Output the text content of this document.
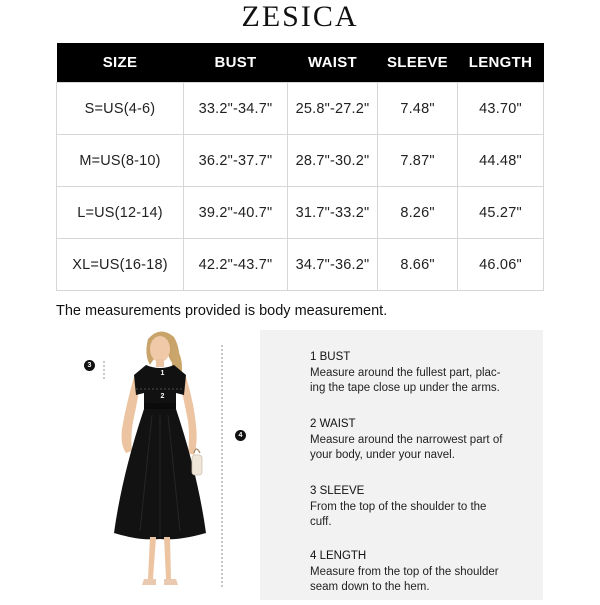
ZESICA
SIZE	BUST	WAIST	SLEEVE	LENGTH
S=US(4-6)	33.2"-34.7"	25.8"-27.2"	7.48"	43.70"
M=US(8-10)	36.2"-37.7"	28.7"-30.2"	7.87"	44.48"
L=US(12-14)	39.2"-40.7"	31.7"-33.2"	8.26"	45.27"
XL=US(16-18)	42.2"-43.7"	34.7"-36.2"	8.66"	46.06"
The measurements provided is body measurement.
1
2
3
4
1 BUST
Measure around the fullest part, plac-
ing the tape close up under the arms.
2 WAIST
Measure around the narrowest part of
your body, under your navel.
3 SLEEVE
From the top of the shoulder to the
cuff.
4 LENGTH
Measure from the top of the shoulder
seam down to the hem.
